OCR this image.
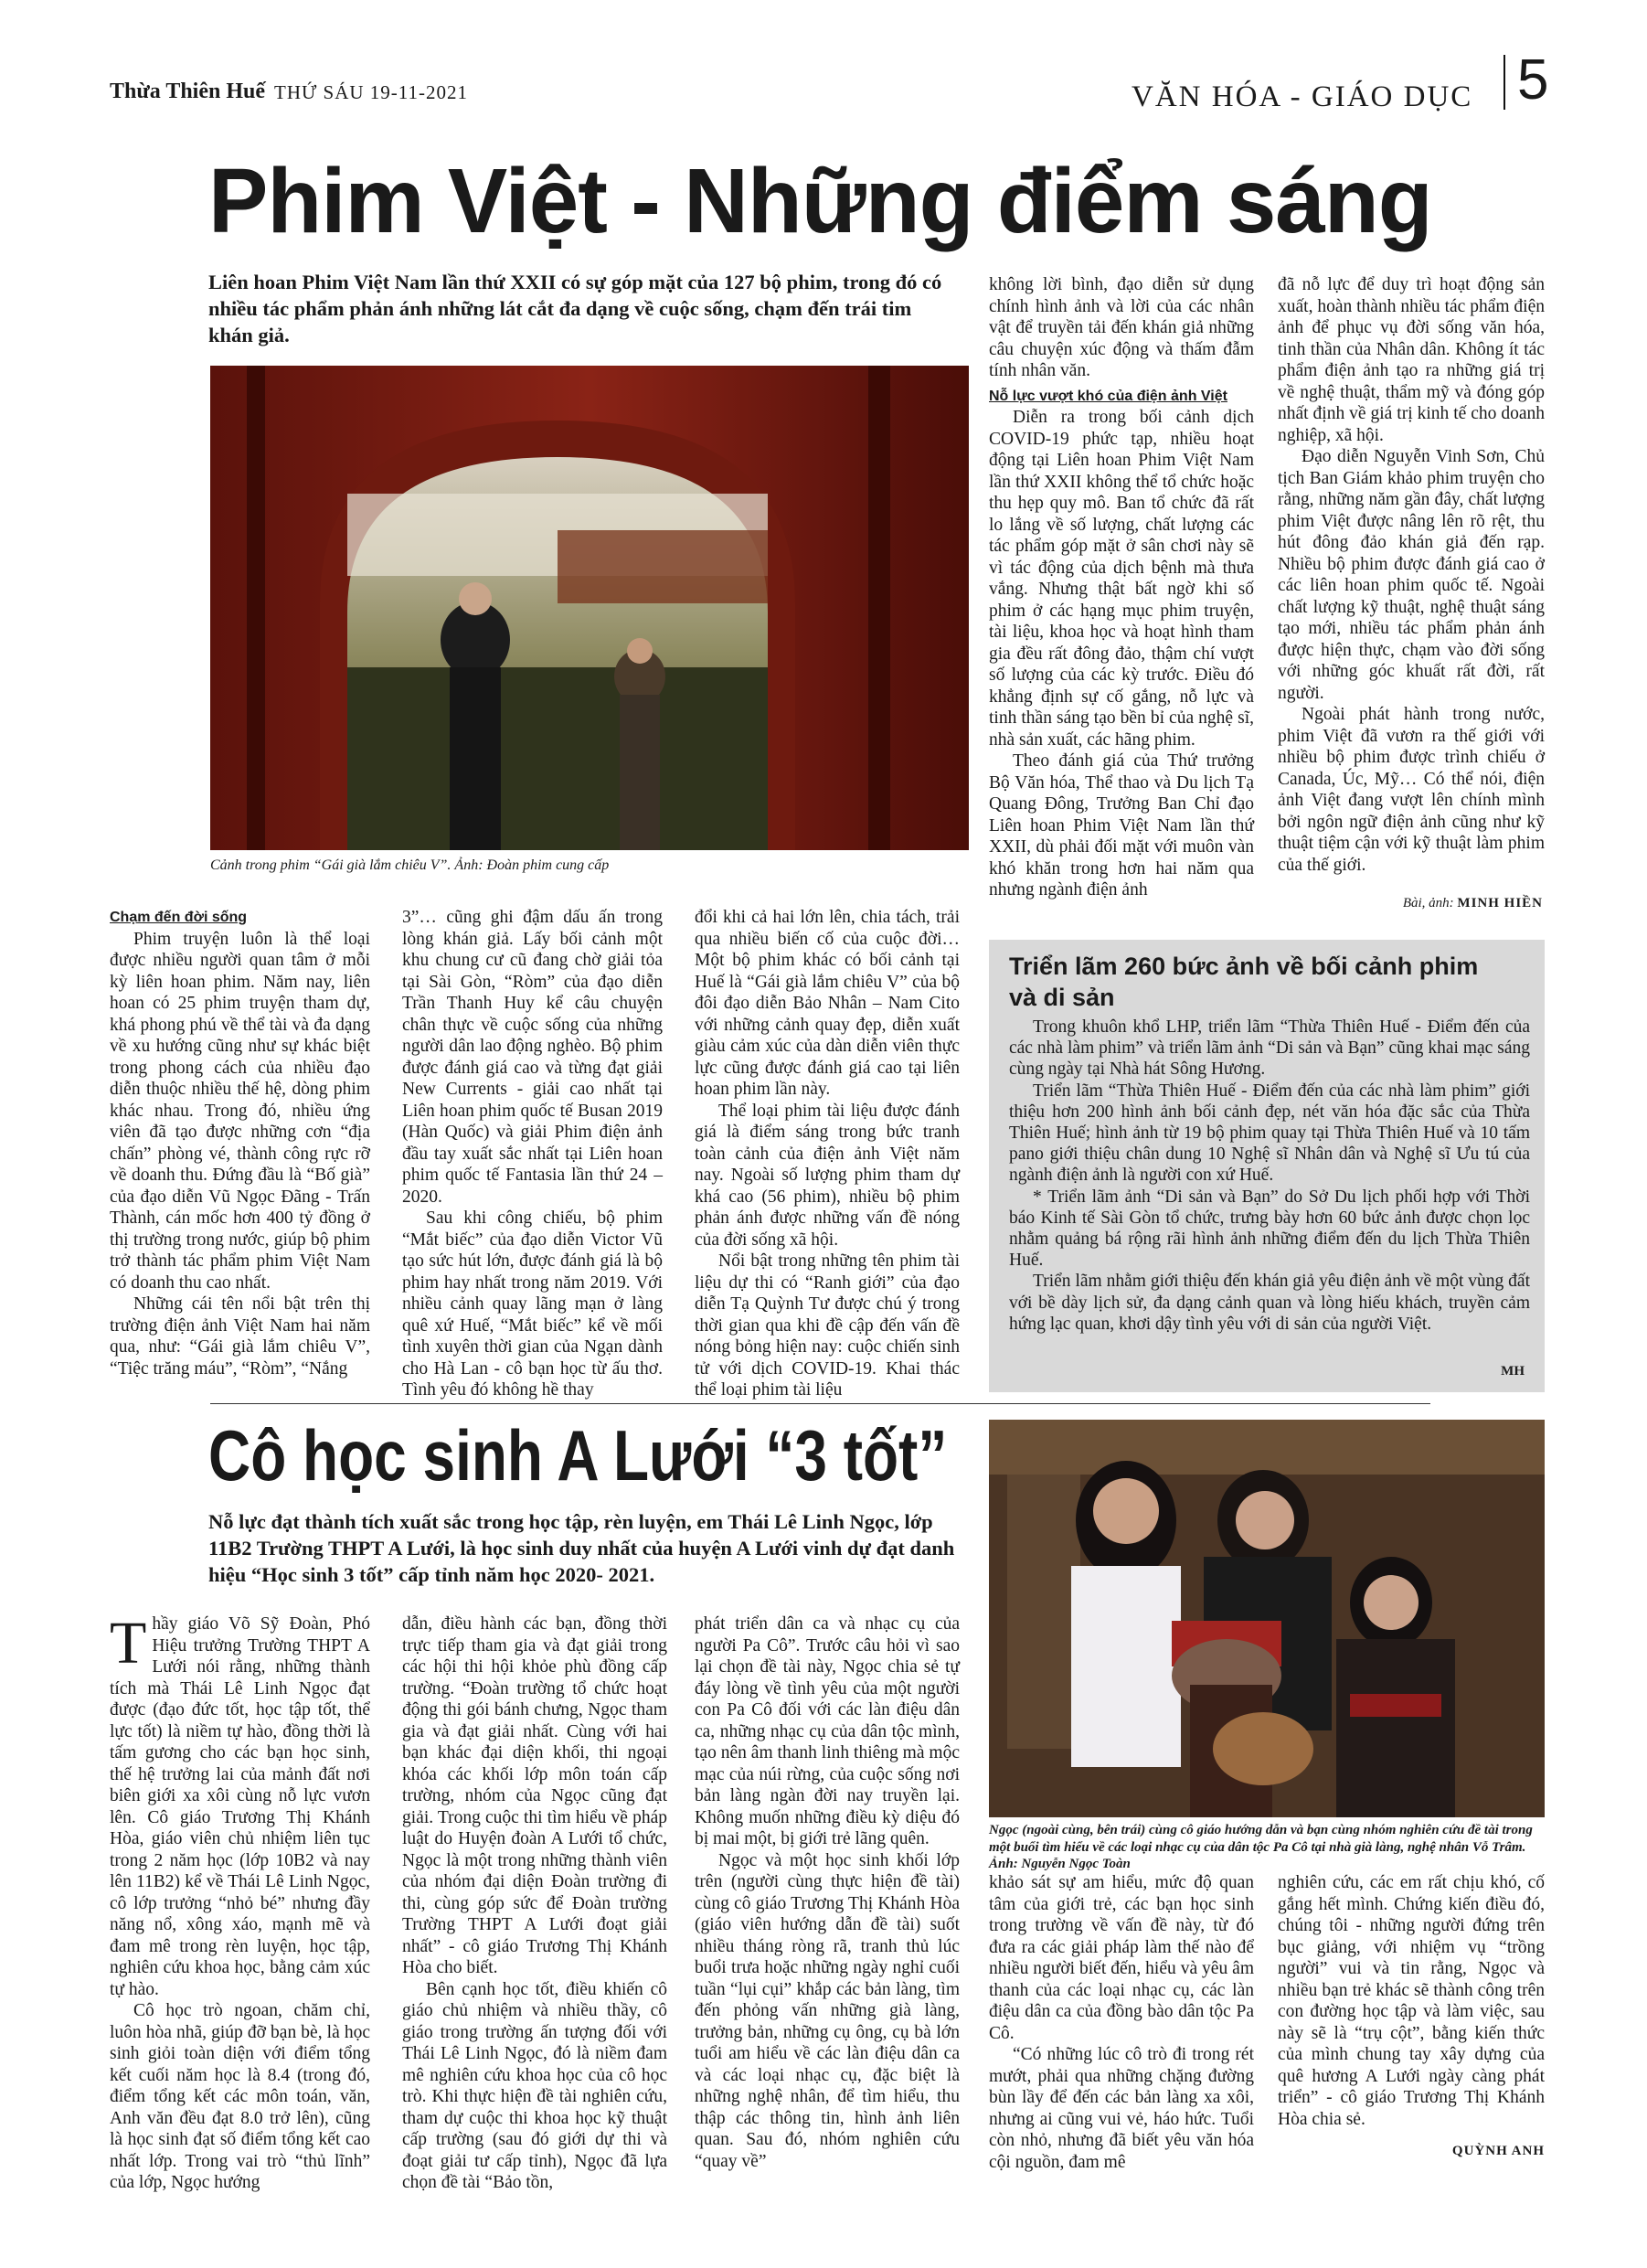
Thừa Thiên Huế THỨ SÁU 19-11-2021	VĂN HÓA - GIÁO DỤC 5
Phim Việt - Những điểm sáng
Liên hoan Phim Việt Nam lần thứ XXII có sự góp mặt của 127 bộ phim, trong đó có nhiều tác phẩm phản ánh những lát cắt đa dạng về cuộc sống, chạm đến trái tim khán giả.
Cảnh trong phim “Gái già lắm chiêu V”. Ảnh: Đoàn phim cung cấp

Chạm đến đời sống

Phim truyện luôn là thể loại được nhiều người quan tâm ở mỗi kỳ liên hoan phim. Năm nay, liên hoan có 25 phim truyện tham dự, khá phong phú về thể tài và đa dạng về xu hướng cũng như sự khác biệt trong phong cách của nhiều đạo diễn thuộc nhiều thế hệ, dòng phim khác nhau. Trong đó, nhiều ứng viên đã tạo được những cơn “địa chấn” phòng vé, thành công rực rỡ về doanh thu. Đứng đầu là “Bố già” của đạo diễn Vũ Ngọc Đãng - Trấn Thành, cán mốc hơn 400 tỷ đồng ở thị trường trong nước, giúp bộ phim trở thành tác phẩm phim Việt Nam có doanh thu cao nhất.

Những cái tên nổi bật trên thị trường điện ảnh Việt Nam hai năm qua, như: “Gái già lắm chiêu V”, “Tiệc trăng máu”, “Ròm”, “Nắng

3”… cũng ghi đậm dấu ấn trong lòng khán giả. Lấy bối cảnh một khu chung cư cũ đang chờ giải tỏa tại Sài Gòn, “Ròm” của đạo diễn Trần Thanh Huy kể câu chuyện chân thực về cuộc sống của những người dân lao động nghèo. Bộ phim được đánh giá cao và từng đạt giải New Currents - giải cao nhất tại Liên hoan phim quốc tế Busan 2019 (Hàn Quốc) và giải Phim điện ảnh đầu tay xuất sắc nhất tại Liên hoan phim quốc tế Fantasia lần thứ 24 – 2020.

Sau khi công chiếu, bộ phim “Mắt biếc” của đạo diễn Victor Vũ tạo sức hút lớn, được đánh giá là bộ phim hay nhất trong năm 2019. Với nhiều cảnh quay lãng mạn ở làng quê xứ Huế, “Mắt biếc” kể về mối tình xuyên thời gian của Ngạn dành cho Hà Lan - cô bạn học từ ấu thơ. Tình yêu đó không hề thay

đổi khi cả hai lớn lên, chia tách, trải qua nhiều biến cố của cuộc đời… Một bộ phim khác có bối cảnh tại Huế là “Gái già lắm chiêu V” của bộ đôi đạo diễn Bảo Nhân – Nam Cito với những cảnh quay đẹp, diễn xuất giàu cảm xúc của dàn diễn viên thực lực cũng được đánh giá cao tại liên hoan phim lần này.

Thể loại phim tài liệu được đánh giá là điểm sáng trong bức tranh toàn cảnh của điện ảnh Việt năm nay. Ngoài số lượng phim tham dự khá cao (56 phim), nhiều bộ phim phản ánh được những vấn đề nóng của đời sống xã hội.

Nổi bật trong những tên phim tài liệu dự thi có “Ranh giới” của đạo diễn Tạ Quỳnh Tư được chú ý trong thời gian qua khi đề cập đến vấn đề nóng bỏng hiện nay: cuộc chiến sinh tử với dịch COVID-19. Khai thác thể loại phim tài liệu

không lời bình, đạo diễn sử dụng chính hình ảnh và lời của các nhân vật để truyền tải đến khán giả những câu chuyện xúc động và thấm đẫm tính nhân văn.

Nỗ lực vượt khó của điện ảnh Việt

Diễn ra trong bối cảnh dịch COVID-19 phức tạp, nhiều hoạt động tại Liên hoan Phim Việt Nam lần thứ XXII không thể tổ chức hoặc thu hẹp quy mô. Ban tổ chức đã rất lo lắng về số lượng, chất lượng các tác phẩm góp mặt ở sân chơi này sẽ vì tác động của dịch bệnh mà thưa vắng. Nhưng thật bất ngờ khi số phim ở các hạng mục phim truyện, tài liệu, khoa học và hoạt hình tham gia đều rất đông đảo, thậm chí vượt số lượng của các kỳ trước. Điều đó khẳng định sự cố gắng, nỗ lực và tinh thần sáng tạo bền bỉ của nghệ sĩ, nhà sản xuất, các hãng phim.

Theo đánh giá của Thứ trưởng Bộ Văn hóa, Thể thao và Du lịch Tạ Quang Đông, Trưởng Ban Chỉ đạo Liên hoan Phim Việt Nam lần thứ XXII, dù phải đối mặt với muôn vàn khó khăn trong hơn hai năm qua nhưng ngành điện ảnh

đã nỗ lực để duy trì hoạt động sản xuất, hoàn thành nhiều tác phẩm điện ảnh để phục vụ đời sống văn hóa, tinh thần của Nhân dân. Không ít tác phẩm điện ảnh tạo ra những giá trị về nghệ thuật, thẩm mỹ và đóng góp nhất định về giá trị kinh tế cho doanh nghiệp, xã hội.

Đạo diễn Nguyễn Vinh Sơn, Chủ tịch Ban Giám khảo phim truyện cho rằng, những năm gần đây, chất lượng phim Việt được nâng lên rõ rệt, thu hút đông đảo khán giả đến rạp. Nhiều bộ phim được đánh giá cao ở các liên hoan phim quốc tế. Ngoài chất lượng kỹ thuật, nghệ thuật sáng tạo mới, nhiều tác phẩm phản ánh được hiện thực, chạm vào đời sống với những góc khuất rất đời, rất người.

Ngoài phát hành trong nước, phim Việt đã vươn ra thế giới với nhiều bộ phim được trình chiếu ở Canada, Úc, Mỹ… Có thể nói, điện ảnh Việt đang vượt lên chính mình bởi ngôn ngữ điện ảnh cũng như kỹ thuật tiệm cận với kỹ thuật làm phim của thế giới.

Bài, ảnh: MINH HIỀN
Triển lãm 260 bức ảnh về bối cảnh phim và di sản

Trong khuôn khổ LHP, triển lãm “Thừa Thiên Huế - Điểm đến của các nhà làm phim” và triển lãm ảnh “Di sản và Bạn” cũng khai mạc sáng cùng ngày tại Nhà hát Sông Hương.

Triển lãm “Thừa Thiên Huế - Điểm đến của các nhà làm phim” giới thiệu hơn 200 hình ảnh bối cảnh đẹp, nét văn hóa đặc sắc của Thừa Thiên Huế; hình ảnh từ 19 bộ phim quay tại Thừa Thiên Huế và 10 tấm pano giới thiệu chân dung 10 Nghệ sĩ Nhân dân và Nghệ sĩ Ưu tú của ngành điện ảnh là người con xứ Huế.

* Triển lãm ảnh “Di sản và Bạn” do Sở Du lịch phối hợp với Thời báo Kinh tế Sài Gòn tổ chức, trưng bày hơn 60 bức ảnh được chọn lọc nhằm quảng bá rộng rãi hình ảnh những điểm đến du lịch Thừa Thiên Huế.

Triển lãm nhằm giới thiệu đến khán giả yêu điện ảnh về một vùng đất với bề dày lịch sử, đa dạng cảnh quan và lòng hiếu khách, truyền cảm hứng lạc quan, khơi dậy tình yêu với di sản của người Việt.

MH
Cô học sinh A Lưới “3 tốt”
Nỗ lực đạt thành tích xuất sắc trong học tập, rèn luyện, em Thái Lê Linh Ngọc, lớp 11B2 Trường THPT A Lưới, là học sinh duy nhất của huyện A Lưới vinh dự đạt danh hiệu “Học sinh 3 tốt” cấp tỉnh năm học 2020- 2021.
Ngọc (ngoài cùng, bên trái) cùng cô giáo hướng dẫn và bạn cùng nhóm nghiên cứu đề tài trong một buổi tìm hiểu về các loại nhạc cụ của dân tộc Pa Cô tại nhà già làng, nghệ nhân Vỗ Trâm. Ảnh: Nguyễn Ngọc Toàn

Thầy giáo Võ Sỹ Đoàn, Phó Hiệu trưởng Trường THPT A Lưới nói rằng, những thành tích mà Thái Lê Linh Ngọc đạt được (đạo đức tốt, học tập tốt, thể lực tốt) là niềm tự hào, đồng thời là tấm gương cho các bạn học sinh, thế hệ trưởng lai của mảnh đất nơi biên giới xa xôi cùng nỗ lực vươn lên. Cô giáo Trương Thị Khánh Hòa, giáo viên chủ nhiệm liên tục trong 2 năm học (lớp 10B2 và nay lên 11B2) kể về Thái Lê Linh Ngọc, cô lớp trưởng “nhỏ bé” nhưng đầy năng nổ, xông xáo, mạnh mẽ và đam mê trong rèn luyện, học tập, nghiên cứu khoa học, bằng cảm xúc tự hào.

Cô học trò ngoan, chăm chỉ, luôn hòa nhã, giúp đỡ bạn bè, là học sinh giỏi toàn diện với điểm tổng kết cuối năm học là 8.4 (trong đó, điểm tổng kết các môn toán, văn, Anh văn đều đạt 8.0 trở lên), cũng là học sinh đạt số điểm tổng kết cao nhất lớp. Trong vai trò “thủ lĩnh” của lớp, Ngọc hướng

dẫn, điều hành các bạn, đồng thời trực tiếp tham gia và đạt giải trong các hội thi hội khỏe phù đồng cấp trường. “Đoàn trường tổ chức hoạt động thi gói bánh chưng, Ngọc tham gia và đạt giải nhất. Cùng với hai bạn khác đại diện khối, thi ngoại khóa các khối lớp môn toán cấp trường, nhóm của Ngọc cũng đạt giải. Trong cuộc thi tìm hiểu về pháp luật do Huyện đoàn A Lưới tổ chức, Ngọc là một trong những thành viên của nhóm đại diện Đoàn trường đi thi, cùng góp sức để Đoàn trường Trường THPT A Lưới đoạt giải nhất” - cô giáo Trương Thị Khánh Hòa cho biết.

Bên cạnh học tốt, điều khiến cô giáo chủ nhiệm và nhiều thầy, cô giáo trong trường ấn tượng đối với Thái Lê Linh Ngọc, đó là niềm đam mê nghiên cứu khoa học của cô học trò. Khi thực hiện đề tài nghiên cứu, tham dự cuộc thi khoa học kỹ thuật cấp trường (sau đó giới dự thi và đoạt giải tư cấp tỉnh), Ngọc đã lựa chọn đề tài “Bảo tồn,

phát triển dân ca và nhạc cụ của người Pa Cô”. Trước câu hỏi vì sao lại chọn đề tài này, Ngọc chia sẻ tự đáy lòng về tình yêu của một người con Pa Cô đối với các làn điệu dân ca, những nhạc cụ của dân tộc mình, tạo nên âm thanh linh thiêng mà mộc mạc của núi rừng, của cuộc sống nơi bản làng ngàn đời nay truyền lại. Không muốn những điều kỳ diệu đó bị mai một, bị giới trẻ lãng quên.

Ngọc và một học sinh khối lớp trên (người cùng thực hiện đề tài) cùng cô giáo Trương Thị Khánh Hòa (giáo viên hướng dẫn đề tài) suốt nhiều tháng ròng rã, tranh thủ lúc buổi trưa hoặc những ngày nghỉ cuối tuần “lụi cụi” khắp các bản làng, tìm đến phỏng vấn những già làng, trưởng bản, những cụ ông, cụ bà lớn tuổi am hiểu về các làn điệu dân ca và các loại nhạc cụ, đặc biệt là những nghệ nhân, để tìm hiểu, thu thập các thông tin, hình ảnh liên quan. Sau đó, nhóm nghiên cứu “quay về”

khảo sát sự am hiểu, mức độ quan tâm của giới trẻ, các bạn học sinh trong trường về vấn đề này, từ đó đưa ra các giải pháp làm thế nào để nhiều người biết đến, hiểu và yêu âm thanh của các loại nhạc cụ, các làn điệu dân ca của đồng bào dân tộc Pa Cô.

“Có những lúc cô trò đi trong rét mướt, phải qua những chặng đường bùn lầy để đến các bản làng xa xôi, nhưng ai cũng vui vẻ, háo hức. Tuổi còn nhỏ, nhưng đã biết yêu văn hóa cội nguồn, đam mê

nghiên cứu, các em rất chịu khó, cố gắng hết mình. Chứng kiến điều đó, chúng tôi - những người đứng trên bục giảng, với nhiệm vụ “trồng người” vui và tin rằng, Ngọc và nhiều bạn trẻ khác sẽ thành công trên con đường học tập và làm việc, sau này sẽ là “trụ cột”, bằng kiến thức của mình chung tay xây dựng của quê hương A Lưới ngày càng phát triển” - cô giáo Trương Thị Khánh Hòa chia sẻ.

QUỲNH ANH
